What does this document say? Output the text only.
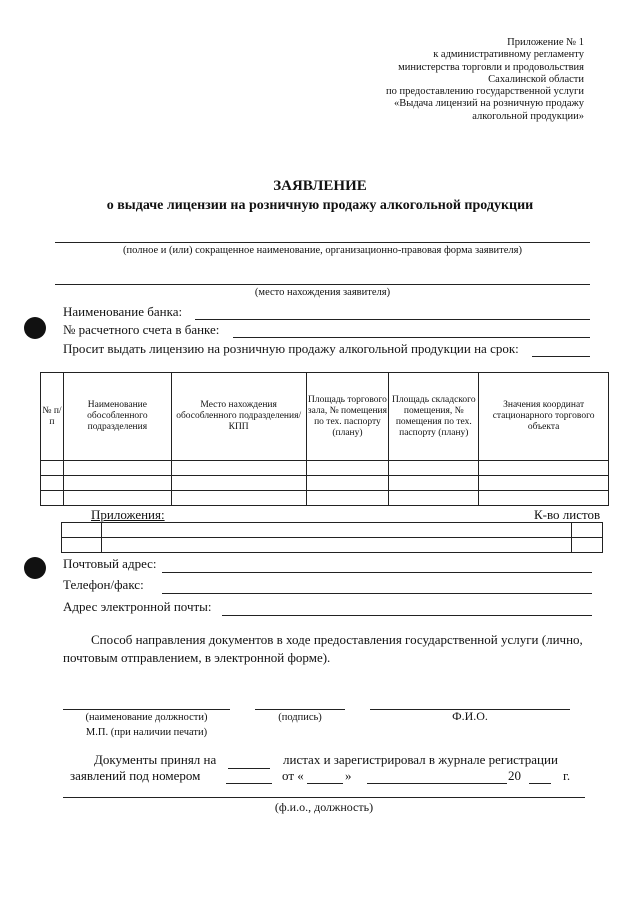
Приложение № 1
к административному регламенту
министерства торговли и продовольствия
Сахалинской области
по предоставлению государственной услуги
«Выдача лицензий на розничную продажу
алкогольной продукции»
ЗАЯВЛЕНИЕ
о выдаче лицензии на розничную продажу алкогольной продукции
(полное и (или) сокращенное наименование, организационно-правовая форма заявителя)
(место нахождения заявителя)
Наименование банка:
№ расчетного счета в банке:
Просит выдать лицензию на розничную продажу алкогольной продукции на срок:
№ п/п	Наименование обособленного подразделения	Место нахождения обособленного подразделения/КПП	Площадь торгового зала, № помещения по тех. паспорту (плану)	Площадь складского помещения, № помещения по тех. паспорту (плану)	Значения координат стационарного торгового объекта

Приложения:	К-во листов

Почтовый адрес:
Телефон/факс:
Адрес электронной почты:
Способ направления документов в ходе предоставления государственной услуги (лично,
почтовым отправлением, в электронной форме).
(наименование должности)	(подпись)	Ф.И.О.
М.П. (при наличии печати)
Документы принял на	листах и зарегистрировал в журнале регистрации
заявлений под номером	от «	»	20	г.
(ф.и.о., должность)
